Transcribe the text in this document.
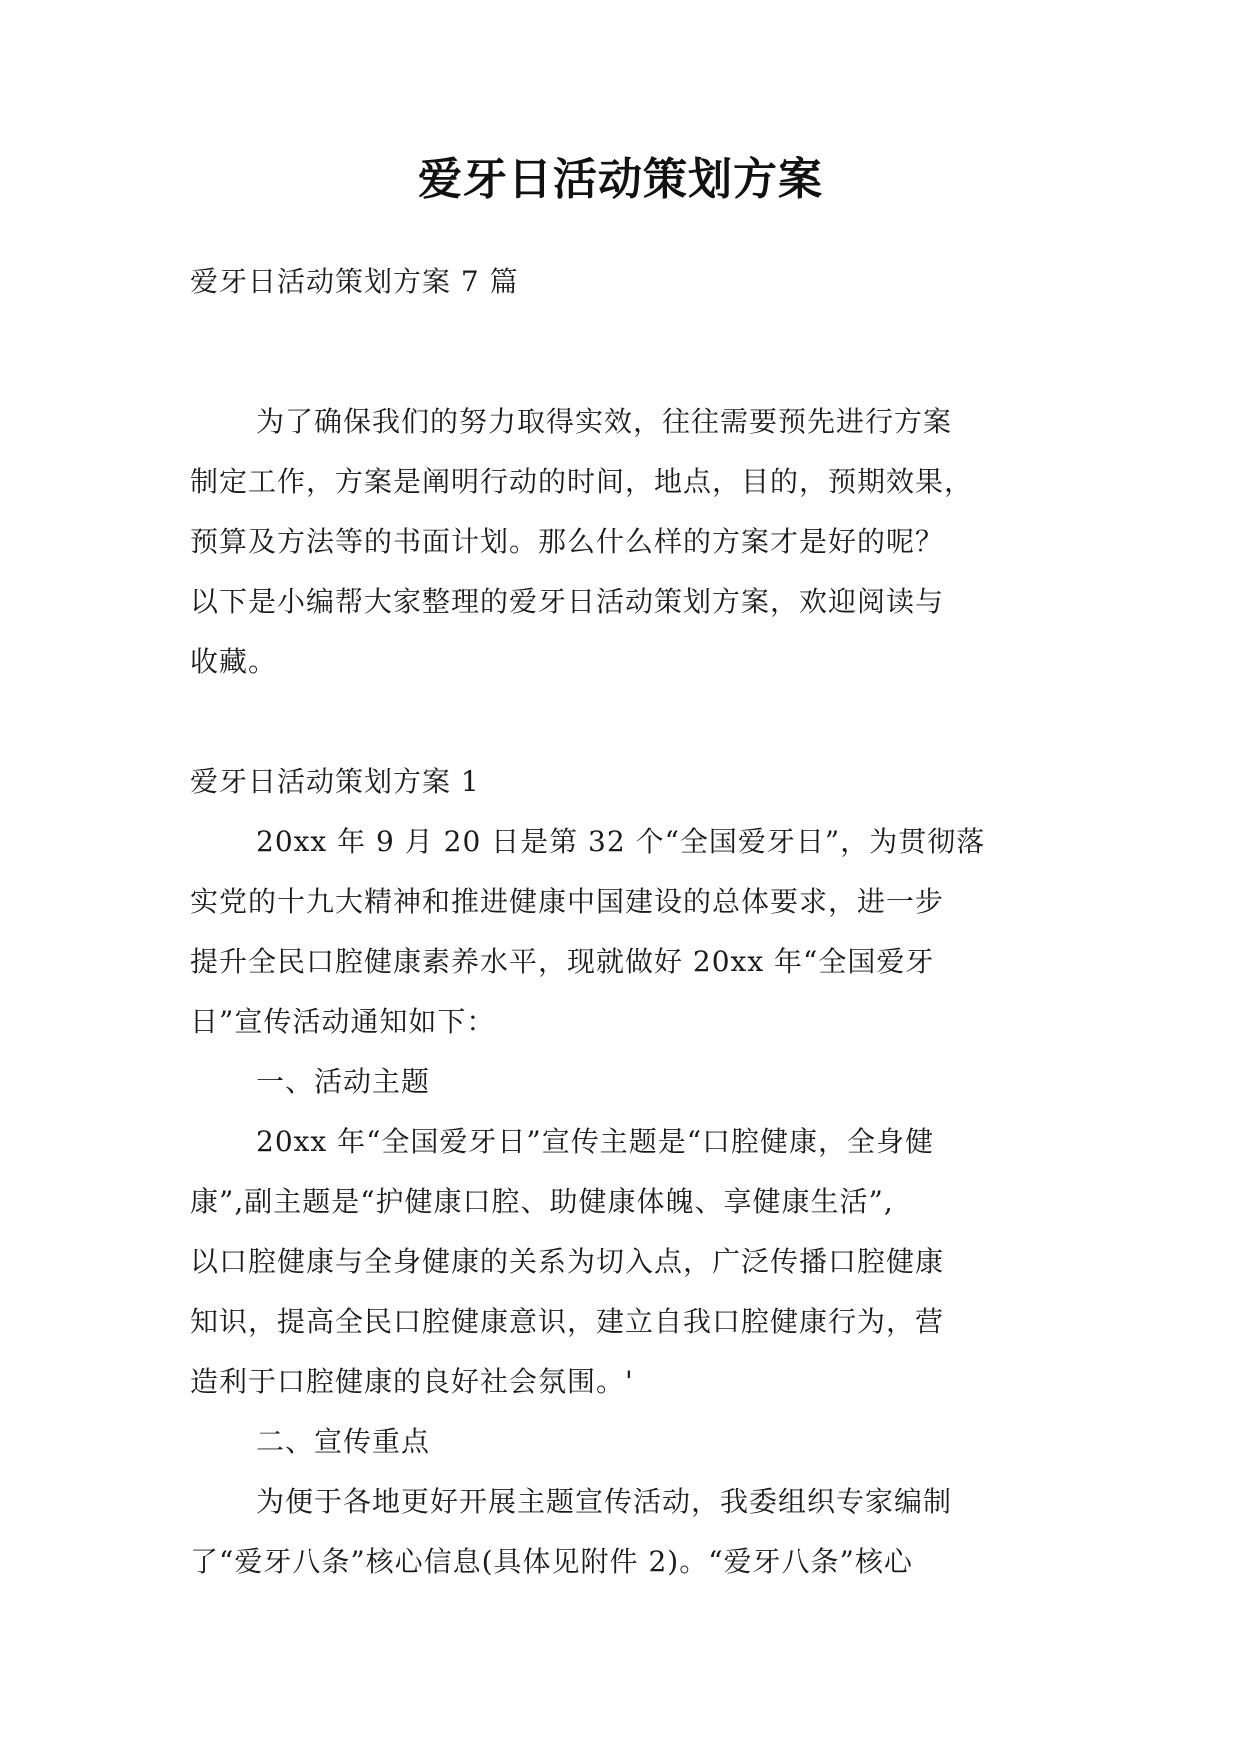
爱牙日活动策划方案
爱牙日活动策划方案 7 篇
为了确保我们的努力取得实效，往往需要预先进行方案
制定工作，方案是阐明行动的时间，地点，目的，预期效果，
预算及方法等的书面计划。那么什么样的方案才是好的呢？
以下是小编帮大家整理的爱牙日活动策划方案，欢迎阅读与
收藏。
爱牙日活动策划方案 1
20xx 年 9 月 20 日是第 32 个“全国爱牙日”，为贯彻落
实党的十九大精神和推进健康中国建设的总体要求，进一步
提升全民口腔健康素养水平，现就做好 20xx 年“全国爱牙
日”宣传活动通知如下：
一、活动主题
20xx 年“全国爱牙日”宣传主题是“口腔健康，全身健
康”,副主题是“护健康口腔、助健康体魄、享健康生活”,
以口腔健康与全身健康的关系为切入点，广泛传播口腔健康
知识，提高全民口腔健康意识，建立自我口腔健康行为，营
造利于口腔健康的良好社会氛围。'
二、宣传重点
为便于各地更好开展主题宣传活动，我委组织专家编制
了“爱牙八条”核心信息(具体见附件 2)。“爱牙八条”核心
